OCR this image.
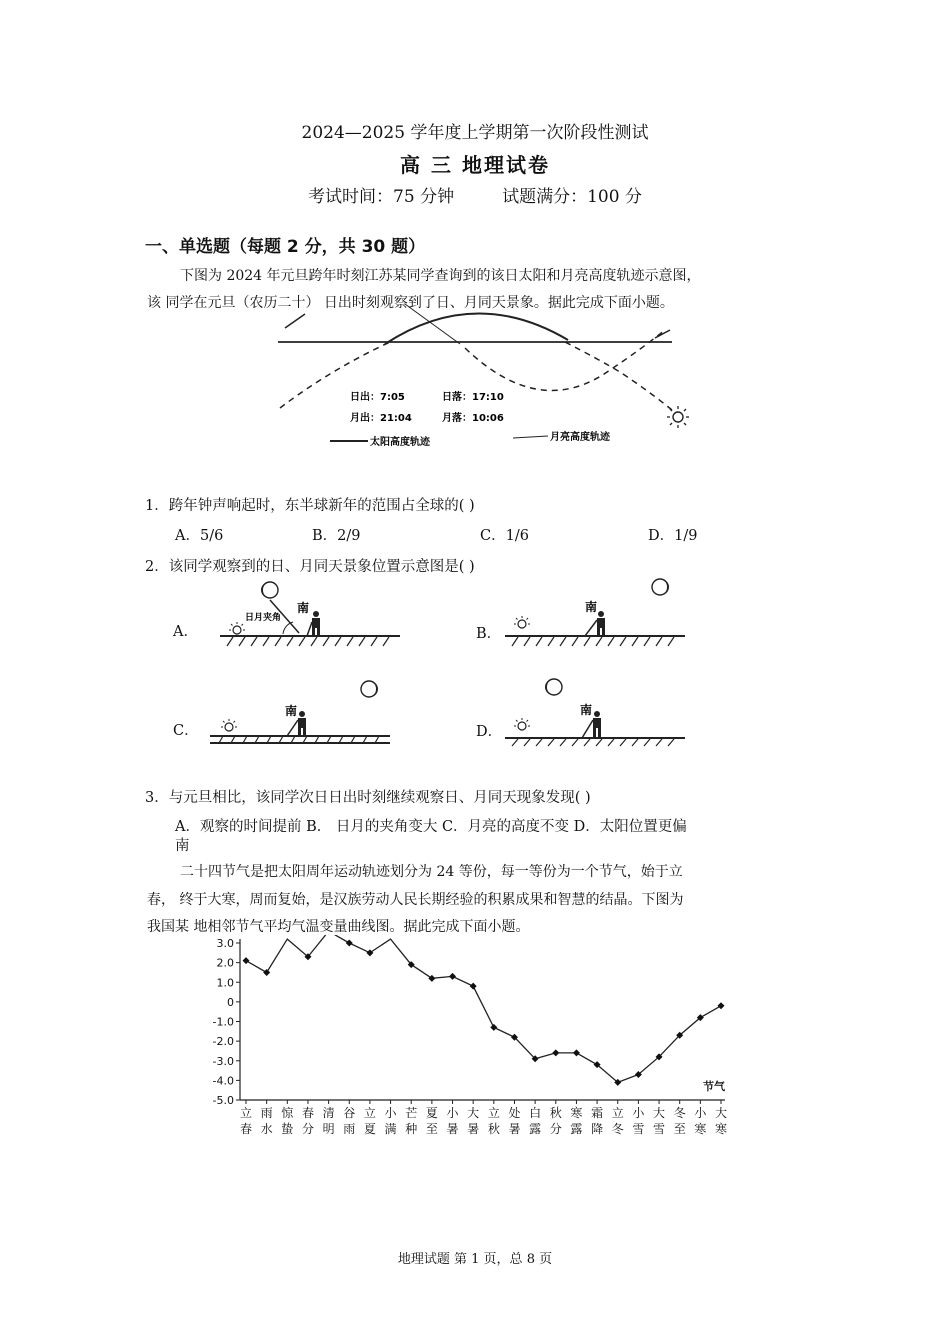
2024—2025 学年度上学期第一次阶段性测试
高 三 地理试卷
考试时间：75 分钟	试题满分：100 分
一、单选题（每题 2 分，共 30 题）
下图为 2024 年元旦跨年时刻江苏某同学查询到的该日太阳和月亮高度轨迹示意图，
该 同学在元旦（农历二十） 日出时刻观察到了日、月同天景象。据此完成下面小题。
日出：7:05	日落：17:10
月出：21:04	月落：10:06
太阳高度轨迹	月亮高度轨迹
1．跨年钟声响起时，东半球新年的范围占全球的( )
A．5/6	B．2/9	C．1/6	D．1/9
2．该同学观察到的日、月同天景象位置示意图是( )
A．
日月夹角
南
B．
南
C．
南
D．
南
3．与元旦相比，该同学次日日出时刻继续观察日、月同天现象发现( )
A．观察的时间提前 B． 日月的夹角变大 C．月亮的高度不变 D．太阳位置更偏
南
二十四节气是把太阳周年运动轨迹划分为 24 等份，每一等份为一个节气，始于立
春， 终于大寒，周而复始，是汉族劳动人民长期经验的积累成果和智慧的结晶。下图为
我国某 地相邻节气平均气温变量曲线图。据此完成下面小题。
3.0
2.0
1.0
0
-1.0
-2.0
-3.0
-4.0
-5.0
立
春
雨
水
惊
蛰
春
分
清
明
谷
雨
立
夏
小
满
芒
种
夏
至
小
暑
大
暑
立
秋
处
暑
白
露
秋
分
寒
露
霜
降
立
冬
小
雪
大
雪
冬
至
小
寒
大
寒
节气
地理试题 第 1 页，总 8 页
